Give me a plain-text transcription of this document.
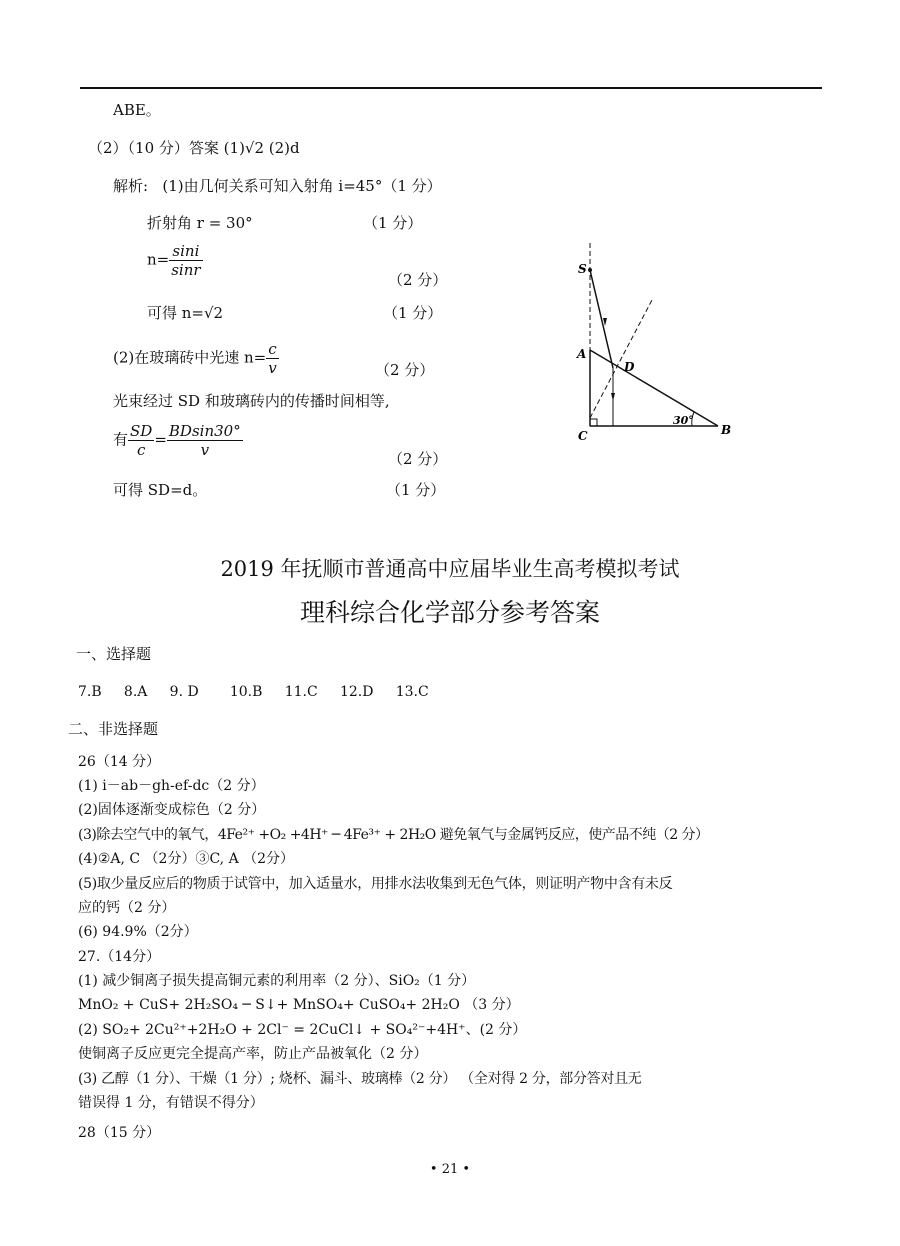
ABE。
（2）（10 分）答案 (1)√2 (2)d
解析: (1)由几何关系可知入射角 i=45°（1 分）
折射角 r = 30°	（1 分）
$n= \frac{\sin i}{\sin r}$
（2 分）
可得 n=√2	（1 分）
(2)在玻璃砖中光速 $n= \frac{c}{v}$	（2 分）
光束经过 SD 和玻璃砖内的传播时间相等,
有 $\frac{SD}{c} = \frac{BDsin30^\circ}{v}$	（2 分）
可得 SD=d。	（1 分）
S
A
D
C	B
30°
2019 年抚顺市普通高中应届毕业生高考模拟考试
理科综合化学部分参考答案
一、选择题
7.B 8.A 9. D 10.B 11.C 12.D 13.C
二、非选择题
26（14 分）
(1) i－ab－gh-ef-dc（2 分）
(2)固体逐渐变成棕色（2 分）
(3)除去空气中的氧气，4Fe²⁺ +O₂ +4H⁺ ─ 4Fe³⁺ + 2H₂O 避免氧气与金属钙反应，使产品不纯（2 分）
(4)②A, C （2分）③C, A （2分）
(5)取少量反应后的物质于试管中，加入适量水，用排水法收集到无色气体，则证明产物中含有未反
应的钙（2 分）
(6) 94.9%（2分）
27.（14分）
(1) 减少铜离子损失提高铜元素的利用率（2 分）、SiO₂（1 分）
MnO₂ + CuS+ 2H₂SO₄ ─ S↓+ MnSO₄+ CuSO₄+ 2H₂O （3 分）
(2) SO₂+ 2Cu²⁺+2H₂O + 2Cl⁻ = 2CuCl↓ + SO₄²⁻+4H⁺、(2 分）
使铜离子反应更完全提高产率，防止产品被氧化（2 分）
(3) 乙醇（1 分）、干燥（1 分）; 烧杯、漏斗、玻璃棒（2 分） （全对得 2 分，部分答对且无
错误得 1 分，有错误不得分）
28（15 分）
• 21 •
